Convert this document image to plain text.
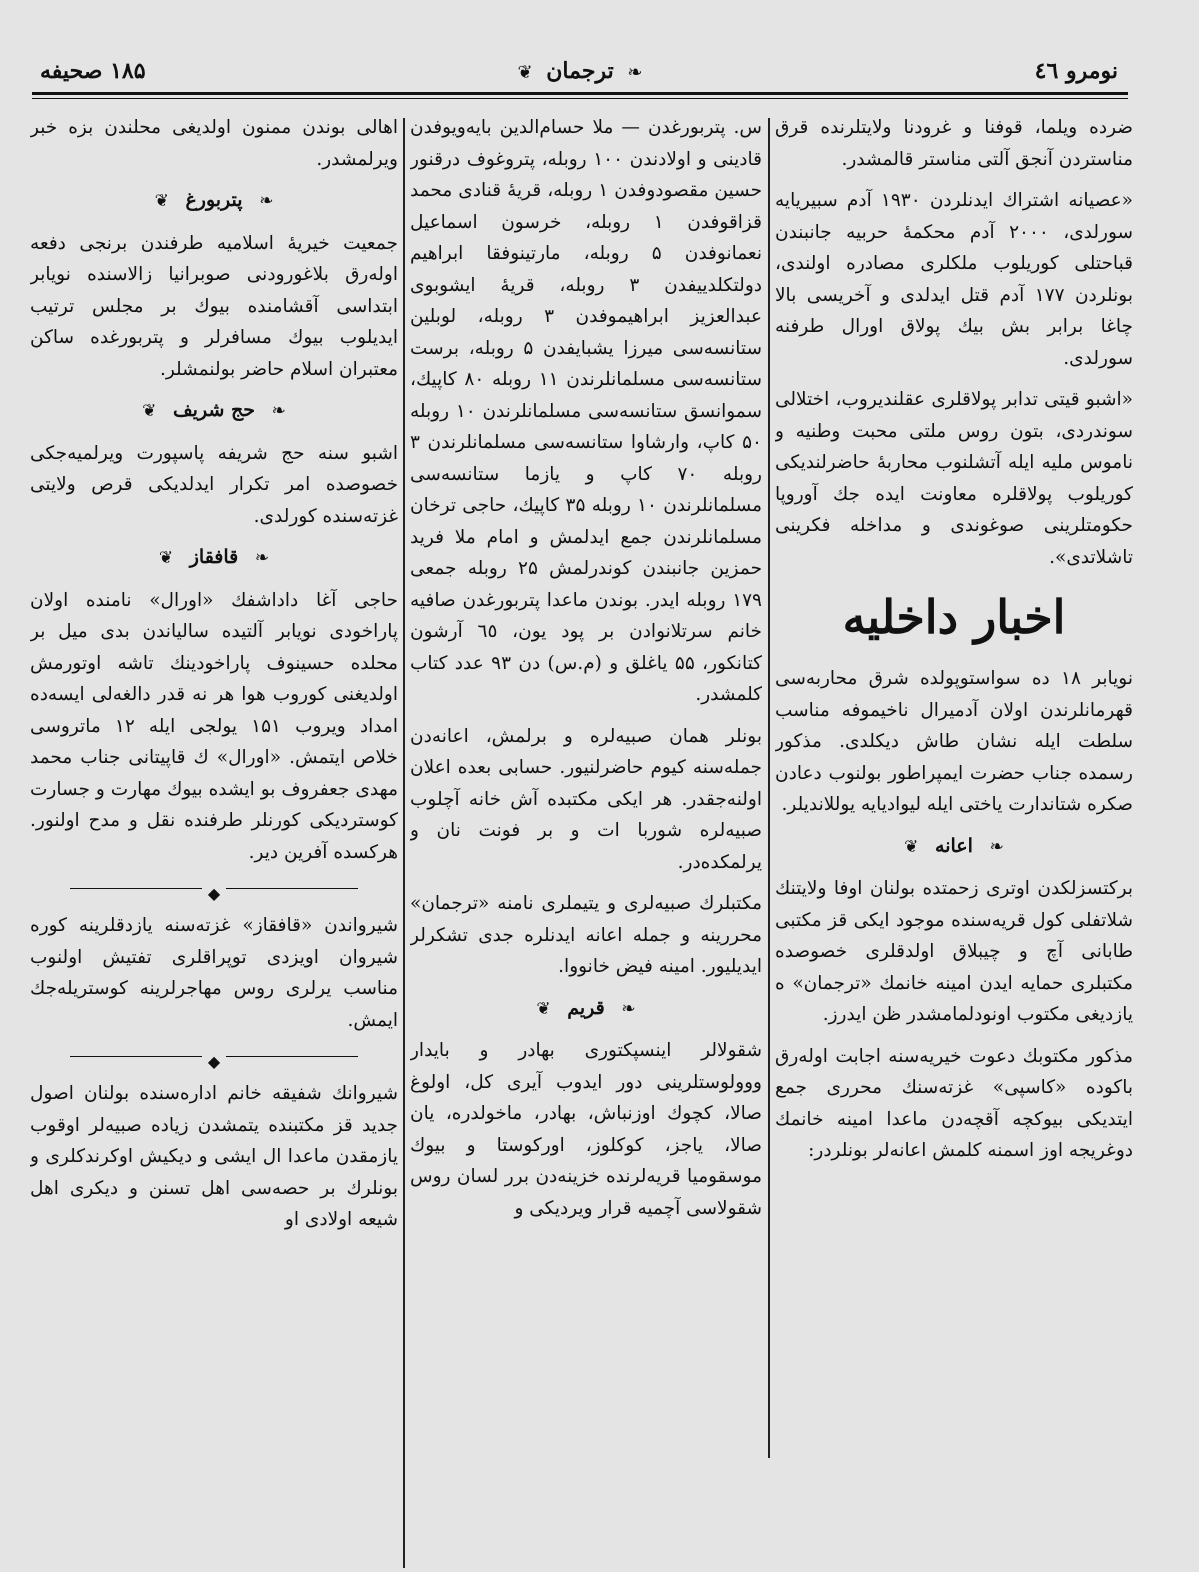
۱۸۵ صحیفه	❧ ترجمان ❦	نومرو ٤٦

ضرده ویلما، قوفنا و غرودنا ولایتلرنده قرق مناستردن آنجق آلتی مناستر قالمشدر.

«عصیانه اشتراك ایدنلردن ۱۹۳۰ آدم سبیریایه سورلدی، ۲۰۰۰ آدم محکمهٔ حربیه جانبندن قباحتلی کوریلوب ملکلری مصادره اولندی، بونلردن ۱۷۷ آدم قتل ایدلدی و آخریسی بالا چاغا برابر بش بیك پولاق اورال طرفنه سورلدی.

«اشبو قیتی تدابر پولاقلری عقلندیروب، اختلالی سوندردی، بتون روس ملتی محبت وطنیه و ناموس ملیه ایله آتشلنوب محاربهٔ حاضرلندیکی کوریلوب پولاقلره معاونت ایده جك آوروپا حکومتلرینی صوغوندی و مداخله فکرینی تاشلاتدی».

اخبار داخلیه

نویابر ۱۸ ده سواستوپولده شرق محاربه‌سی قهرمانلرندن اولان آدمیرال ناخیموفه مناسب سلطت ایله نشان طاش دیکلدی. مذکور رسمده جناب حضرت ایمپراطور بولنوب دعادن صکره شتاندارت یاختی ایله لیوادیایه یوللاندیلر.

❧ اعانه ❦

برکتسزلکدن اوتری زحمتده بولنان اوفا ولایتنك شلاتفلی کول قریه‌سنده موجود ایکی قز مکتبی طابانی آچ و چیبلاق اولدقلری خصوصده مکتبلری حمایه ایدن امینه خانمك «ترجمان» ه یازدیغی مکتوب اونودلمامشدر ظن ایدرز.

مذکور مکتوبك دعوت خیریه‌سنه اجابت اوله‌رق باکوده «کاسپی» غزته‌سنك محرری جمع ایتدیکی بیوکچه آقچه‌دن ماعدا امینه خانمك دوغریجه اوز اسمنه کلمش اعانه‌لر بونلردر:

س. پتربورغدن — ملا حسام‌الدین بایه‌ویوفدن قادینی و اولادندن ۱۰۰ روبله، پتروغوف درقنور حسین مقصودوفدن ۱ روبله، قریهٔ قنادی محمد قزاقوفدن ۱ روبله، خرسون اسماعیل نعمانوفدن ۵ روبله، مارتینوفقا ابراهیم دولتکلدییفدن ۳ روبله، قریهٔ ایشوبوی عبدالعزیز ابراهیموفدن ۳ روبله، لوبلین ستانسه‌سی میرزا یشبایفدن ۵ روبله، برست ستانسه‌سی مسلمانلرندن ۱۱ روبله ۸۰ کاپیك، سموانسق ستانسه‌سی مسلمانلرندن ۱۰ روبله ۵۰ کاپ، وارشاوا ستانسه‌سی مسلمانلرندن ۳ روبله ۷۰ کاپ و یازما ستانسه‌سی مسلمانلرندن ۱۰ روبله ۳۵ کاپیك، حاجی ترخان مسلمانلرندن جمع ایدلمش و امام ملا فرید حمزین جانبندن کوندرلمش ۲۵ روبله جمعی ۱۷۹ روبله ایدر. بوندن ماعدا پتربورغدن صافیه خانم سرتلانوادن بر پود یون، ٦٥ آرشون کتانکور، ۵۵ یاغلق و (م.س) دن ۹۳ عدد کتاب کلمشدر.

بونلر همان صبیه‌لره و برلمش، اعانه‌دن جمله‌سنه کیوم حاضرلنیور. حسابی بعده اعلان اولنه‌جقدر. هر ایکی مکتبده آش خانه آچلوب صبیه‌لره شوربا ات و بر فونت نان و یرلمکده‌در.

مکتبلرك صبیه‌لری و یتیملری نامنه «ترجمان» محررینه و جمله اعانه ایدنلره جدی تشکرلر ایدیلیور. امینه فیض خانووا.

❧ قریم ❦

شقولالر اینسپکتوری بهادر و بایدار ووولوستلرینی دور ایدوب آیری کل، اولوغ صالا، کچوك اوزنباش، بهادر، ماخولدره، یان صالا، یاجز، کوکلوز، اورکوستا و بیوك موسقومیا قریه‌لرنده خزینه‌دن برر لسان روس شقولاسی آچمیه قرار ویردیکی و

اهالی بوندن ممنون اولدیغی محلندن بزه خبر ویرلمشدر.

❧ پتربورغ ❦

جمعیت خیریهٔ اسلامیه طرفندن برنجی دفعه اوله‌رق بلاغورودنی صوبرانیا زالاسنده نویابر ابتداسی آقشامنده بیوك بر مجلس ترتیب ایدیلوب بیوك مسافرلر و پتربورغده ساکن معتبران اسلام حاضر بولنمشلر.

❧ حج شریف ❦

اشبو سنه حج شریفه پاسپورت ویرلمیه‌جکی خصوصده امر تکرار ایدلدیکی قرص ولایتی غزته‌سنده کورلدی.

❧ قافقاز ❦

حاجی آغا داداشفك «اورال» نامنده اولان پاراخودی نویابر آلتیده سالیاندن بدی میل بر محلده حسینوف پاراخودینك تاشه اوتورمش اولدیغنی کوروب هوا هر نه قدر دالغه‌لی ایسه‌ده امداد ویروب ۱۵۱ یولجی ایله ۱۲ ماتروسی خلاص ایتمش. «اورال» ك قاپیتانی جناب محمد مهدی جعفروف بو ایشده بیوك مهارت و جسارت کوستردیکی کورنلر طرفنده نقل و مدح اولنور. هرکسده آفرین دیر.

◆

شیرواندن «قافقاز» غزته‌سنه یازدقلرینه کوره شیروان اویزدی توپراقلری تفتیش اولنوب مناسب یرلری روس مهاجرلرینه کوستریله‌جك ایمش.

◆

شیروانك شفیقه خانم اداره‌سنده بولنان اصول جدید قز مکتبنده یتمشدن زیاده صبیه‌لر اوقوب یازمقدن ماعدا ال ایشی و دیکیش اوکرندکلری و بونلرك بر حصه‌سی اهل تسنن و دیکری اهل شیعه اولادی او
